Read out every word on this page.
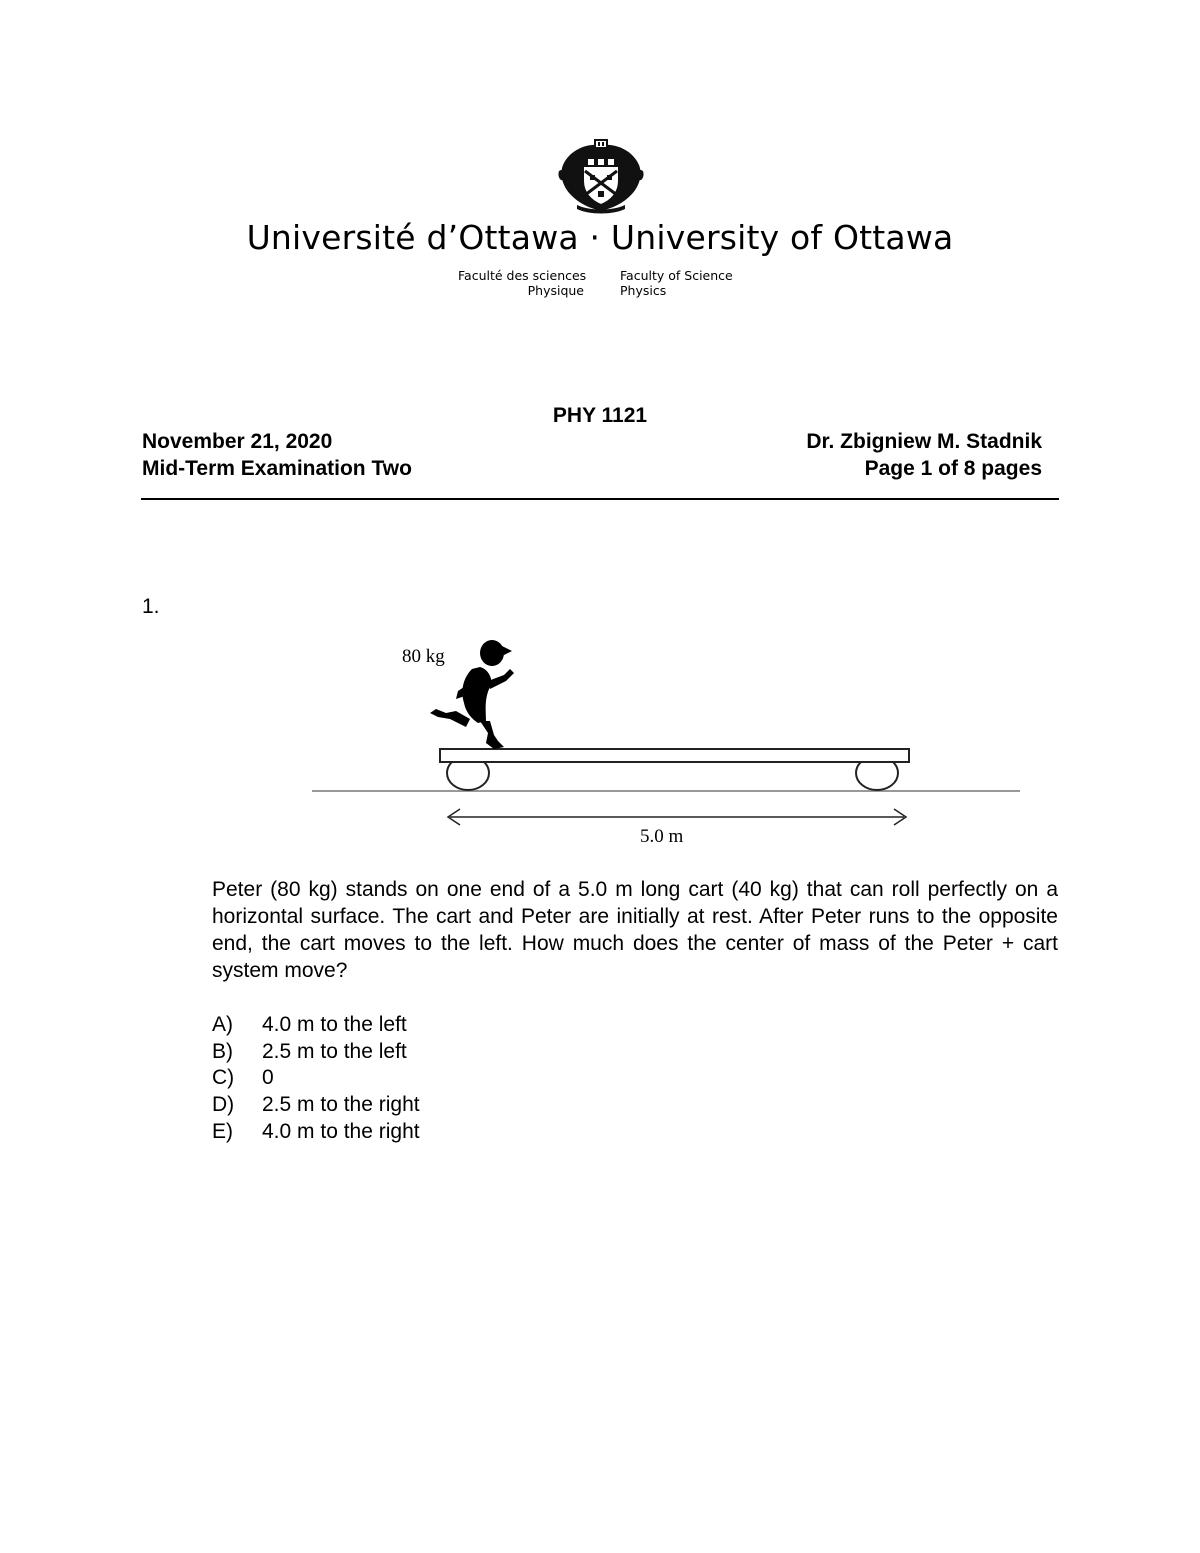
Université d’Ottawa · University of Ottawa
Faculté des sciences
Physique
Faculty of Science
Physics
PHY 1121
November 21, 2020
Mid-Term Examination Two
Dr. Zbigniew M. Stadnik
Page 1 of 8 pages
1.
80 kg
5.0 m
Peter (80 kg) stands on one end of a 5.0 m long cart (40 kg) that can roll perfectly on a horizontal surface. The cart and Peter are initially at rest. After Peter runs to the opposite end, the cart moves to the left. How much does the center of mass of the Peter + cart system move?
A) 4.0 m to the left
B) 2.5 m to the left
C) 0
D) 2.5 m to the right
E) 4.0 m to the right
